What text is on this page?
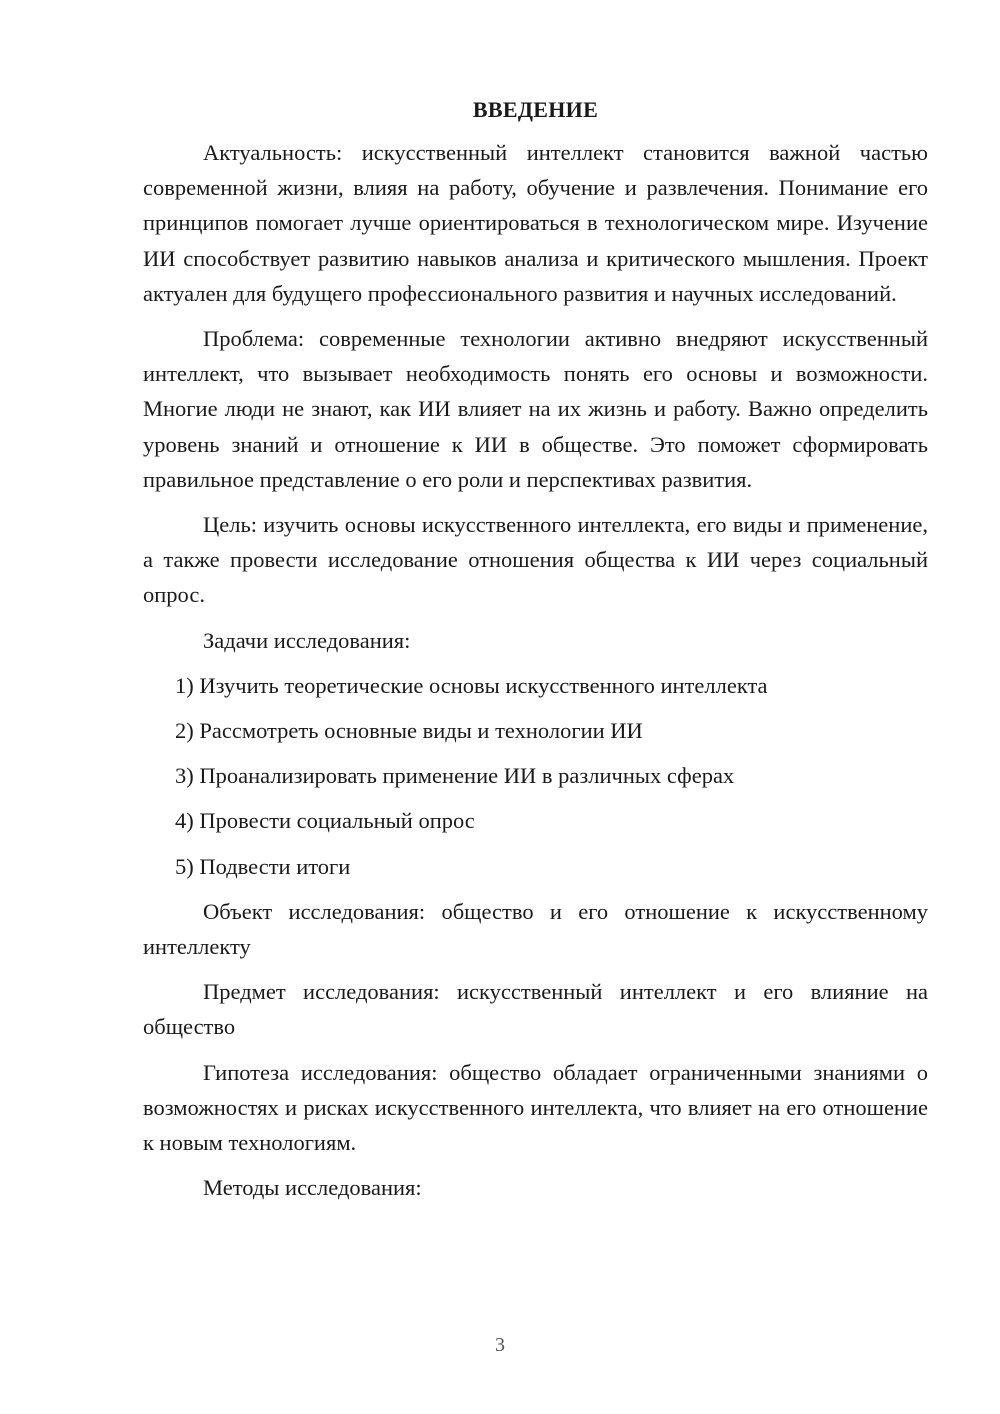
ВВЕДЕНИЕ

Актуальность: искусственный интеллект становится важной частью современной жизни, влияя на работу, обучение и развлечения. Понимание его принципов помогает лучше ориентироваться в технологическом мире. Изучение ИИ способствует развитию навыков анализа и критического мышления. Проект актуален для будущего профессионального развития и научных исследований.

Проблема: современные технологии активно внедряют искусственный интеллект, что вызывает необходимость понять его основы и возможности. Многие люди не знают, как ИИ влияет на их жизнь и работу. Важно определить уровень знаний и отношение к ИИ в обществе. Это поможет сформировать правильное представление о его роли и перспективах развития.

Цель: изучить основы искусственного интеллекта, его виды и применение, а также провести исследование отношения общества к ИИ через социальный опрос.

Задачи исследования:

1) Изучить теоретические основы искусственного интеллекта
2) Рассмотреть основные виды и технологии ИИ
3) Проанализировать применение ИИ в различных сферах
4) Провести социальный опрос
5) Подвести итоги

Объект исследования: общество и его отношение к искусственному интеллекту

Предмет исследования: искусственный интеллект и его влияние на общество

Гипотеза исследования: общество обладает ограниченными знаниями о возможностях и рисках искусственного интеллекта, что влияет на его отношение к новым технологиям.

Методы исследования:

3
